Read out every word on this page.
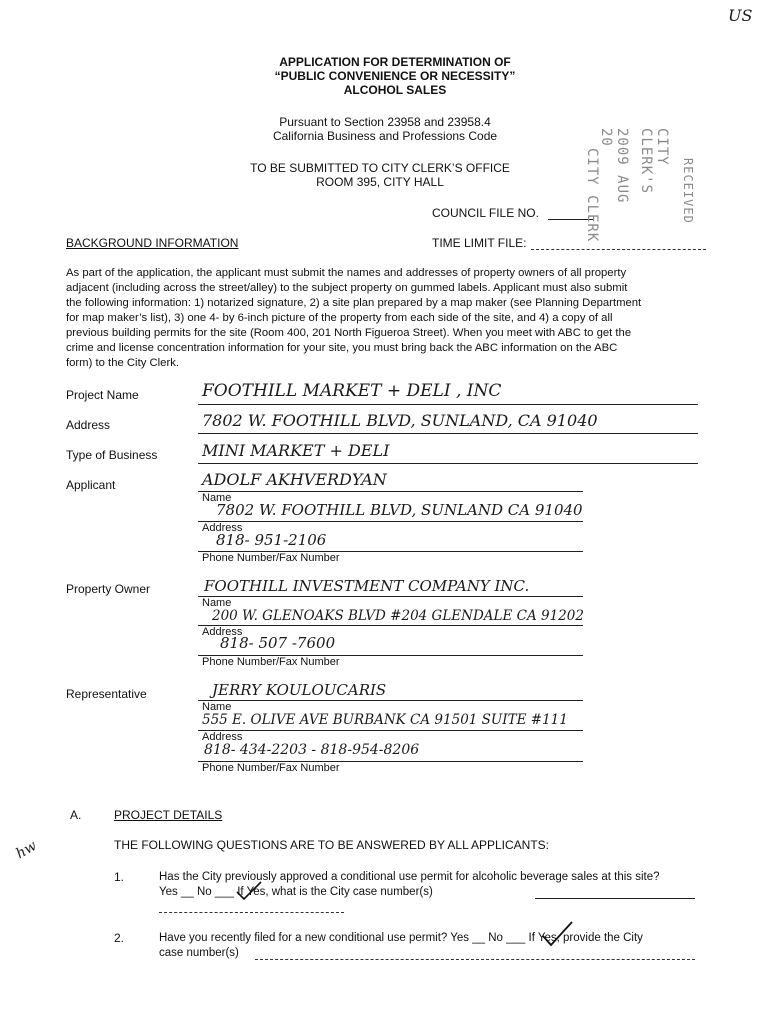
US
APPLICATION FOR DETERMINATION OF
“PUBLIC CONVENIENCE OR NECESSITY”
ALCOHOL SALES
Pursuant to Section 23958 and 23958.4
California Business and Professions Code
TO BE SUBMITTED TO CITY CLERK’S OFFICE
ROOM 395, CITY HALL
COUNCIL FILE NO.
TIME LIMIT FILE:
2009 AUG 20
CITY CLERK
CITY CLERK'S	RECEIVED
BACKGROUND INFORMATION
As part of the application, the applicant must submit the names and addresses of property owners of all property
adjacent (including across the street/alley) to the subject property on gummed labels. Applicant must also submit
the following information: 1) notarized signature, 2) a site plan prepared by a map maker (see Planning Department
for map maker’s list), 3) one 4- by 6-inch picture of the property from each side of the site, and 4) a copy of all
previous building permits for the site (Room 400, 201 North Figueroa Street). When you meet with ABC to get the
crime and license concentration information for your site, you must bring back the ABC information on the ABC
form) to the City Clerk.
Project Name	FOOTHILL MARKET + DELI , INC
Address	7802 W. FOOTHILL BLVD, SUNLAND, CA 91040
Type of Business	MINI MARKET + DELI
Applicant	ADOLF AKHVERDYAN
Name
7802 W. FOOTHILL BLVD, SUNLAND CA 91040
Address
818- 951-2106
Phone Number/Fax Number
Property Owner	FOOTHILL INVESTMENT COMPANY INC.
Name
200 W. GLENOAKS BLVD #204 GLENDALE CA 91202
Address
818- 507 -7600
Phone Number/Fax Number
Representative	JERRY KOULOUCARIS
Name
555 E. OLIVE AVE BURBANK CA 91501 SUITE #111
Address
818- 434-2203 - 818-954-8206
Phone Number/Fax Number
A.	PROJECT DETAILS
hw	THE FOLLOWING QUESTIONS ARE TO BE ANSWERED BY ALL APPLICANTS:
1.	Has the City previously approved a conditional use permit for alcoholic beverage sales at this site?
Yes __ No ___ If Yes, what is the City case number(s)
2.	Have you recently filed for a new conditional use permit? Yes __ No ___ If Yes, provide the City
case number(s)
